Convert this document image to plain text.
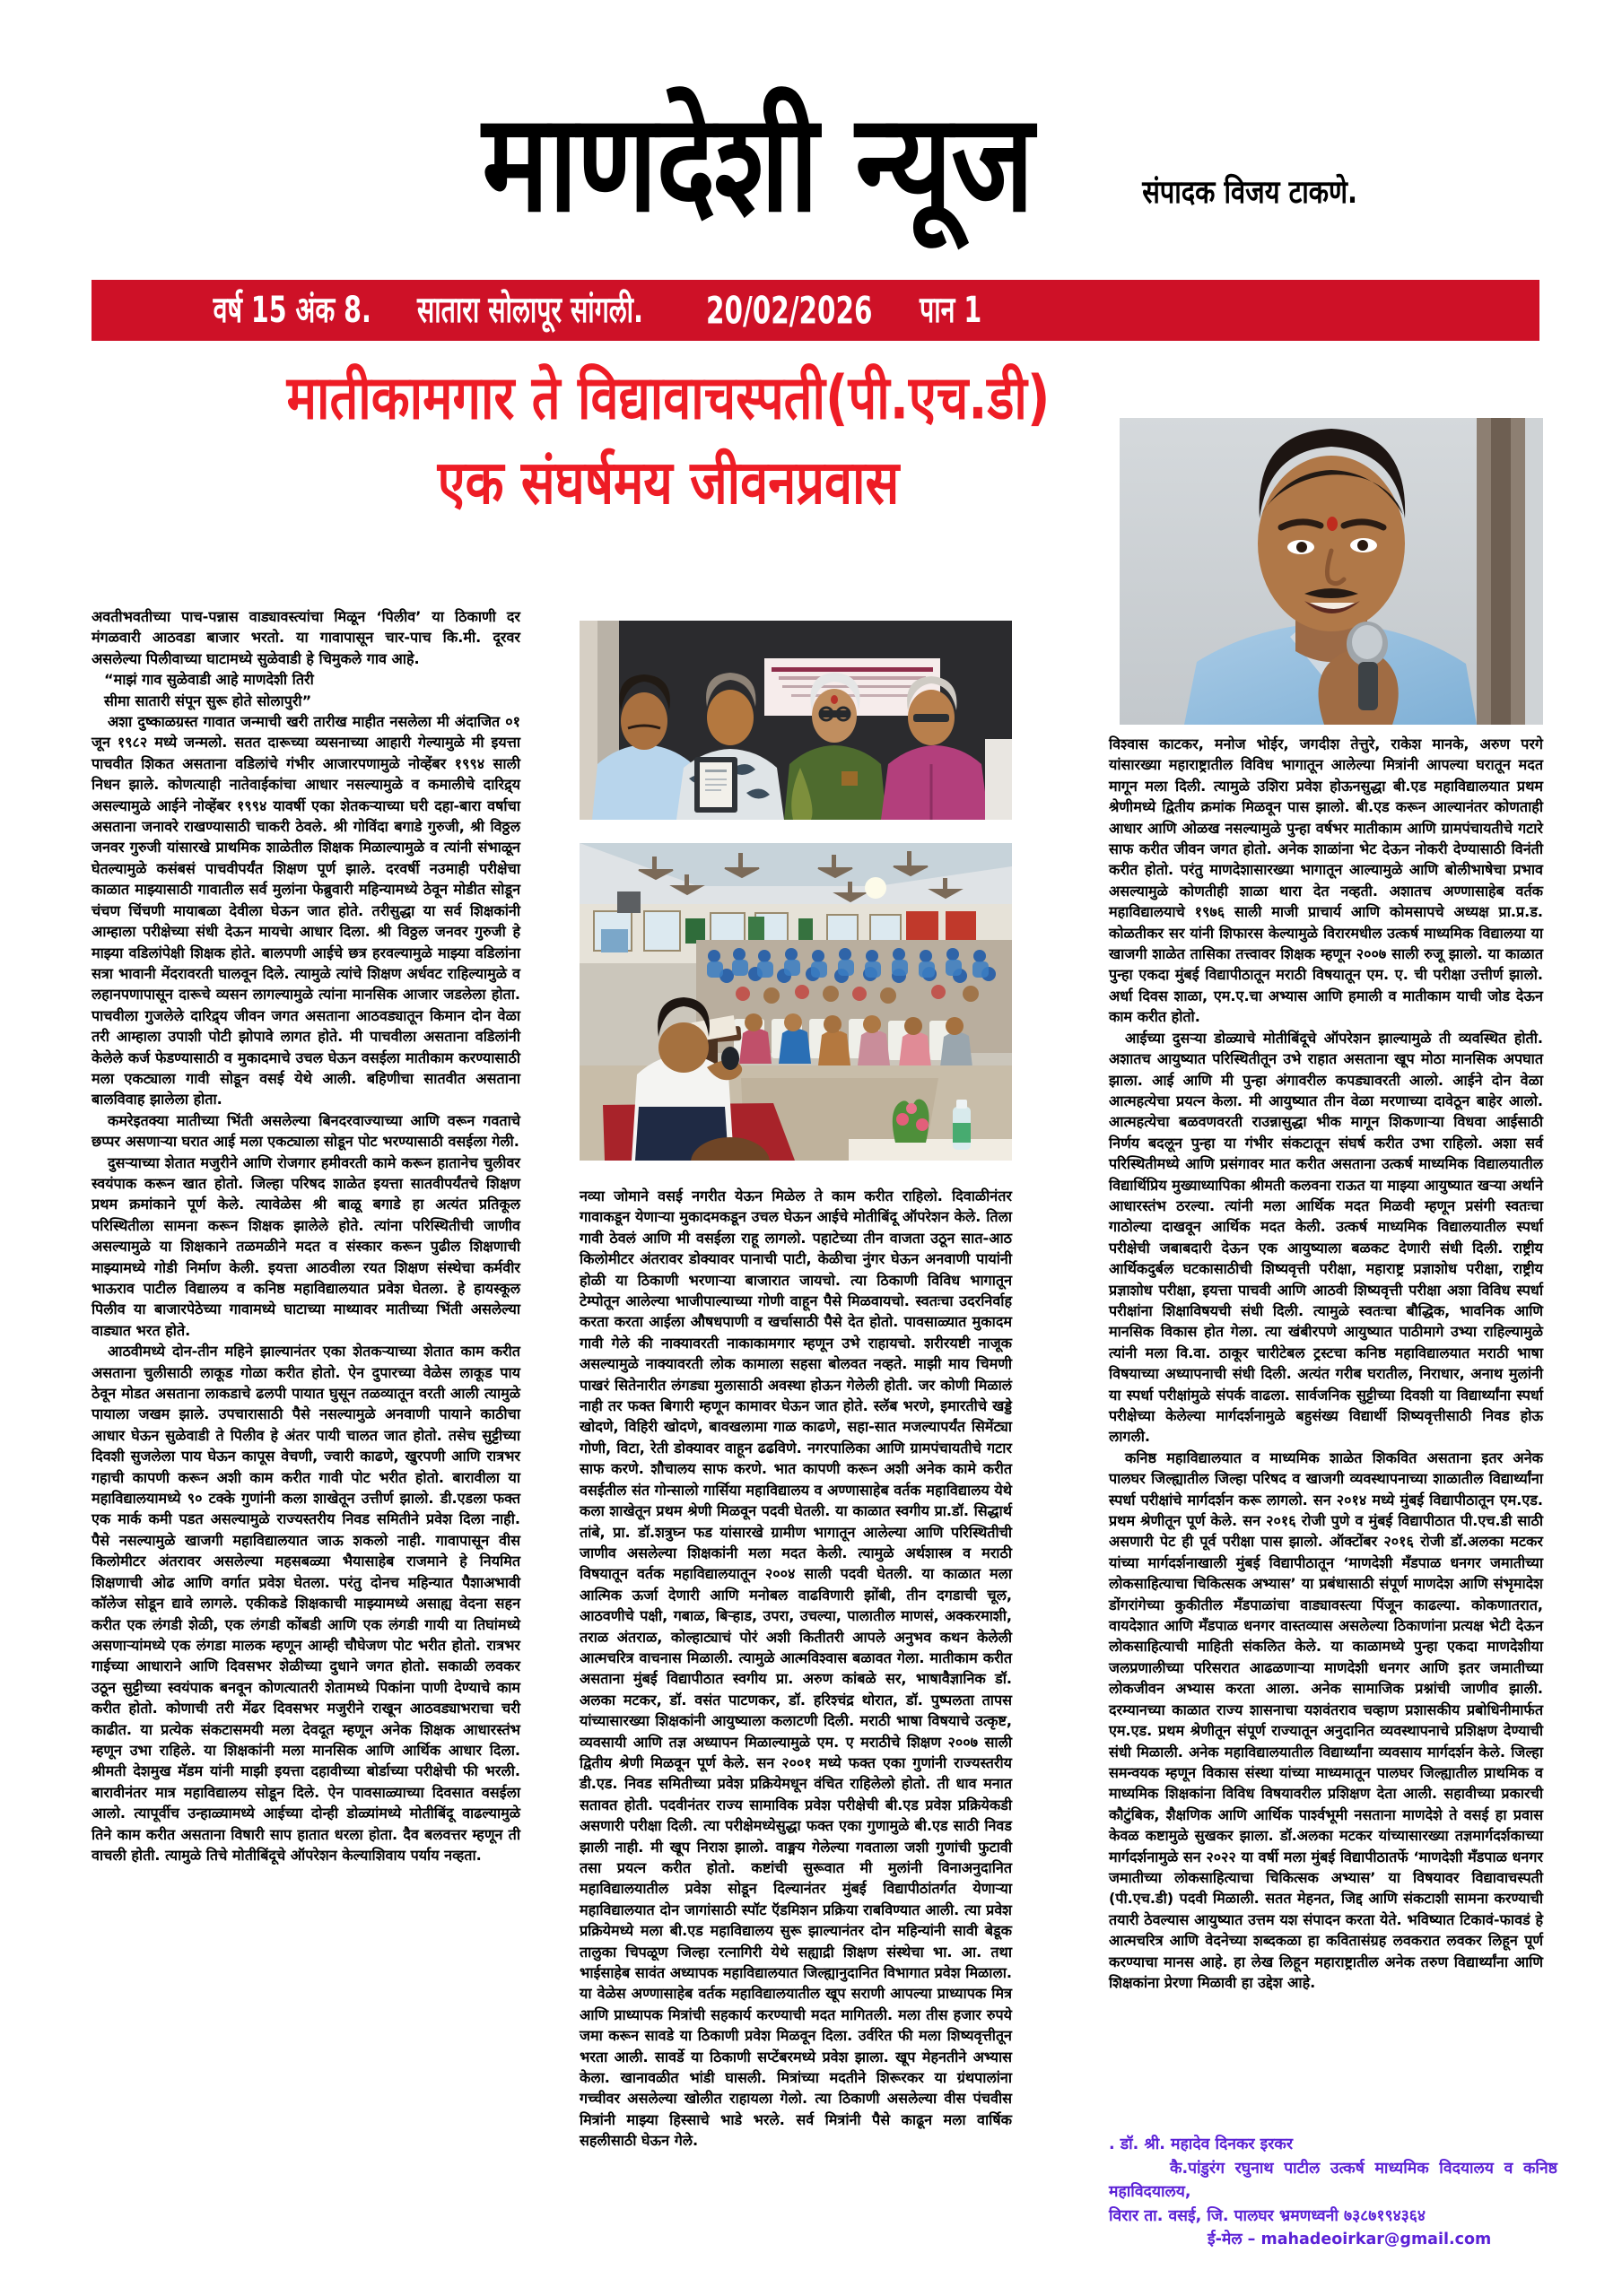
माणदेशी न्यूज	संपादक विजय टाकणे.
वर्ष 15 अंक 8. सातारा सोलापूर सांगली. 20/02/2026 पान 1
मातीकामगार ते विद्यावाचस्पती(पी.एच.डी)
एक संघर्षमय जीवनप्रवास

अवतीभवतीच्या पाच-पन्नास वाड्यावस्त्यांचा मिळून ‘पिलीव’ या ठिकाणी दर मंगळवारी आठवडा बाजार भरतो. या गावापासून चार-पाच कि.मी. दूरवर असलेल्या पिलीवाच्या घाटामध्ये सुळेवाडी हे चिमुकले गाव आहे.

“माझं गाव सुळेवाडी आहे माणदेशी तिरी

सीमा सातारी संपून सुरू होते सोलापुरी”

अशा दुष्काळग्रस्त गावात जन्माची खरी तारीख माहीत नसलेला मी अंदाजित ०१ जून १९८२ मध्ये जन्मलो. सतत दारूच्या व्यसनाच्या आहारी गेल्यामुळे मी इयत्ता पाचवीत शिकत असताना वडिलांचे गंभीर आजारपणामुळे नोव्हेंबर १९९४ साली निधन झाले. कोणत्याही नातेवाईकांचा आधार नसल्यामुळे व कमालीचे दारिद्र्य असल्यामुळे आईने नोव्हेंबर १९९४ यावर्षी एका शेतकऱ्याच्या घरी दहा-बारा वर्षाचा असताना जनावरे राखण्यासाठी चाकरी ठेवले. श्री गोविंदा बगाडे गुरुजी, श्री विठ्ठल जनवर गुरुजी यांसारखे प्राथमिक शाळेतील शिक्षक मिळाल्यामुळे व त्यांनी संभाळून घेतल्यामुळे कसंबसं पाचवीपर्यंत शिक्षण पूर्ण झाले. दरवर्षी नउमाही परीक्षेचा काळात माझ्यासाठी गावातील सर्व मुलांना फेब्रुवारी महिन्यामध्ये ठेवून मोडीत सोडून चंचण चिंचणी मायाबळा देवीला घेऊन जात होते. तरीसुद्धा या सर्व शिक्षकांनी आम्हाला परीक्षेच्या संधी देऊन मायचेा आधार दिला. श्री विठ्ठल जनवर गुरुजी हे माझ्या वडिलांपेक्षी शिक्षक होते. बालपणी आईचे छत्र हरवल्यामुळे माझ्या वडिलांना सत्रा भावानी मेंदरावरती घालवून दिले. त्यामुळे त्यांचे शिक्षण अर्धवट राहिल्यामुळे व लहानपणापासून दारूचे व्यसन लागल्यामुळे त्यांना मानसिक आजार जडलेला होता. पाचवीला गुजलेले दारिद्र्य जीवन जगत असताना आठवड्यातून किमान दोन वेळा तरी आम्हाला उपाशी पोटी झोपावे लागत होते. मी पाचवीला असताना वडिलांनी केलेले कर्ज फेडण्यासाठी व मुकादमाचे उचल घेऊन वसईला मातीकाम करण्यासाठी मला एकट्याला गावी सोडून वसई येथे आली. बहिणीचा सातवीत असताना बालविवाह झालेला होता.

कमरेइतक्या मातीच्या भिंती असलेल्या बिनदरवाज्याच्या आणि वरून गवताचे छप्पर असणाऱ्या घरात आई मला एकट्याला सोडून पोट भरण्यासाठी वसईला गेली.

दुसऱ्याच्या शेतात मजुरीने आणि रोजगार हमीवरती कामे करून हातानेच चुलीवर स्वयंपाक करून खात होतो. जिल्हा परिषद शाळेत इयत्ता सातवीपर्यंतचे शिक्षण प्रथम क्रमांकाने पूर्ण केले. त्यावेळेस श्री बाळू बगाडे हा अत्यंत प्रतिकूल परिस्थितीला सामना करून शिक्षक झालेले होते. त्यांना परिस्थितीची जाणीव असल्यामुळे या शिक्षकाने तळमळीने मदत व संस्कार करून पुढील शिक्षणाची माझ्यामध्ये गोडी निर्माण केली. इयत्ता आठवीला रयत शिक्षण संस्थेचा कर्मवीर भाऊराव पाटील विद्यालय व कनिष्ठ महाविद्यालयात प्रवेश घेतला. हे हायस्कूल पिलीव या बाजारपेठेच्या गावामध्ये घाटाच्या माथ्यावर मातीच्या भिंती असलेल्या वाड्यात भरत होते.

आठवीमध्ये दोन-तीन महिने झाल्यानंतर एका शेतकऱ्याच्या शेतात काम करीत असताना चुलीसाठी लाकूड गोळा करीत होतो. ऐन दुपारच्या वेळेस लाकूड पाय ठेवून मोडत असताना लाकडाचे ढलपी पायात घुसून तळव्यातून वरती आली त्यामुळे पायाला जखम झाले. उपचारासाठी पैसे नसल्यामुळे अनवाणी पायाने काठीचा आधार घेऊन सुळेवाडी ते पिलीव हे अंतर पायी चालत जात होतो. तसेच सुट्टीच्या दिवशी सुजलेला पाय घेऊन कापूस वेचणी, ज्वारी काढणे, खुरपणी आणि रात्रभर गहाची कापणी करून अशी काम करीत गावी पोट भरीत होतो. बारावीला या महाविद्यालयामध्ये ९० टक्के गुणांनी कला शाखेतून उत्तीर्ण झालो. डी.एडला फक्त एक मार्क कमी पडत असल्यामुळे राज्यस्तरीय निवड समितीने प्रवेश दिला नाही. पैसे नसल्यामुळे खाजगी महाविद्यालयात जाऊ शकलो नाही. गावापासून वीस किलोमीटर अंतरावर असलेल्या महसबळ्या भैयासाहेब राजमाने हे नियमित शिक्षणाची ओढ आणि वर्गात प्रवेश घेतला. परंतु दोनच महिन्यात पैशाअभावी कॉलेज सोडून द्यावे लागले. एकीकडे शिक्षकाची माझ्यामध्ये असाह्य वेदना सहन करीत एक लंगडी शेळी, एक लंगडी कोंबडी आणि एक लंगडी गायी या तिघांमध्ये असणाऱ्यांमध्ये एक लंगडा मालक म्हणून आम्ही चौघेजण पोट भरीत होतो. रात्रभर गाईच्या आधाराने आणि दिवसभर शेळीच्या दुधाने जगत होतो. सकाळी लवकर उठून सुट्टीच्या स्वयंपाक बनवून कोणत्यातरी शेतामध्ये पिकांना पाणी देण्याचे काम करीत होतो. कोणाची तरी मेंढर दिवसभर मजुरीने राखून आठवड्याभराचा चरी काढीत. या प्रत्येक संकटासमयी मला देवदूत म्हणून अनेक शिक्षक आधारस्तंभ म्हणून उभा राहिले. या शिक्षकांनी मला मानसिक आणि आर्थिक आधार दिला. श्रीमती देशमुख मॅडम यांनी माझी इयत्ता दहावीच्या बोर्डाच्या परीक्षेची फी भरली. बारावीनंतर मात्र महाविद्यालय सोडून दिले. ऐन पावसाळ्याच्या दिवसात वसईला आलो. त्यापूर्वीच उन्हाळ्यामध्ये आईच्या दोन्ही डोळ्यांमध्ये मोतीबिंदू वाढल्यामुळे तिने काम करीत असताना विषारी साप हातात धरला होता. दैव बलवत्तर म्हणून ती वाचली होती. त्यामुळे तिचे मोतीबिंदूचे ऑपरेशन केल्याशिवाय पर्याय नव्हता.

नव्या जोमाने वसई नगरीत येऊन मिळेल ते काम करीत राहिलो. दिवाळीनंतर गावाकडून येणाऱ्या मुकादमकडून उचल घेऊन आईचे मोतीबिंदू ऑपरेशन केले. तिला गावी ठेवलं आणि मी वसईला राहू लागलो. पहाटेच्या तीन वाजता उठून सात-आठ किलोमीटर अंतरावर डोक्यावर पानाची पाटी, केळीचा नुंगर घेऊन अनवाणी पायांनी होळी या ठिकाणी भरणाऱ्या बाजारात जायचो. त्या ठिकाणी विविध भागातून टेम्पोतून आलेल्या भाजीपाल्याच्या गोणी वाहून पैसे मिळवायचो. स्वतःचा उदरनिर्वाह करता करता आईला औषधपाणी व खर्चासाठी पैसे देत होतो. पावसाळ्यात मुकादम गावी गेले की नाक्यावरती नाकाकामगार म्हणून उभे राहायचो. शरीरयष्टी नाजूक असल्यामुळे नाक्यावरती लोक कामाला सहसा बोलवत नव्हते. माझी माय चिमणी पाखरं सितेनारीत लंगड्या मुलासाठी अवस्था होऊन गेलेली होती. जर कोणी मिळालं नाही तर फक्त बिगारी म्हणून कामावर घेऊन जात होते. स्लॅब भरणे, इमारतीचे खड्डे खोदणे, विहिरी खोदणे, बावखलामा गाळ काढणे, सहा-सात मजल्यापर्यंत सिमेंट्या गोणी, विटा, रेती डोक्यावर वाहून ढढविणे. नगरपालिका आणि ग्रामपंचायतीचे गटार साफ करणे. शौचालय साफ करणे. भात कापणी करून अशी अनेक कामे करीत वसईतील संत गोन्सालो गार्सिया महाविद्यालय व अण्णासाहेब वर्तक महाविद्यालय येथे कला शाखेतून प्रथम श्रेणी मिळवून पदवी घेतली. या काळात स्वगीय प्रा.डॉ. सिद्धार्थ तांबे, प्रा. डॉ.शत्रुघ्न फड यांसारखे ग्रामीण भागातून आलेल्या आणि परिस्थितीची जाणीव असलेल्या शिक्षकांनी मला मदत केली. त्यामुळे अर्थशास्त्र व मराठी विषयातून वर्तक महाविद्यालयातून २००४ साली पदवी घेतली. या काळात मला आत्मिक ऊर्जा देणारी आणि मनोबल वाढविणारी झोंबी, तीन दगडाची चूल, आठवणीचे पक्षी, गबाळ, बिऱ्हाड, उपरा, उचल्या, पालातील माणसं, अक्करमाशी, तराळ अंतराळ, कोल्हाट्याचं पोरं अशी कितीतरी आपले अनुभव कथन केलेली आत्मचरित्र वाचनास मिळाली. त्यामुळे आत्मविश्वास बळावत गेला. मातीकाम करीत असताना मुंबई विद्यापीठात स्वगीय प्रा. अरुण कांबळे सर, भाषावैज्ञानिक डॉ. अलका मटकर, डॉ. वसंत पाटणकर, डॉ. हरिश्चंद्र थोरात, डॉ. पुष्पलता तापस यांच्यासारख्या शिक्षकांनी आयुष्याला कलाटणी दिली. मराठी भाषा विषयाचे उत्कृष्ट, व्यवसायी आणि तज्ञ अध्यापन मिळाल्यामुळे एम. ए मराठीचे शिक्षण २००७ साली द्वितीय श्रेणी मिळवून पूर्ण केले. सन २००१ मध्ये फक्त एका गुणांनी राज्यस्तरीय डी.एड. निवड समितीच्या प्रवेश प्रक्रियेमधून वंचित राहिलेलो होतो. ती धाव मनात सतावत होती. पदवीनंतर राज्य सामाविक प्रवेश परीक्षेची बी.एड प्रवेश प्रक्रियेकडी असणारी परीक्षा दिली. त्या परीक्षेमध्येसुद्धा फक्त एका गुणामुळे बी.एड साठी निवड झाली नाही. मी खूप निराश झालो. वाङ्मय गेलेल्या गवताला जशी गुणांची फुटावी तसा प्रयत्न करीत होतो. कष्टांची सुरूवात मी मुलांनी विनाअनुदानित महाविद्यालयातील प्रवेश सोडून दिल्यानंतर मुंबई विद्यापीठांतर्गत येणाऱ्या महाविद्यालयात दोन जागांसाठी स्पॉट ऍडमिशन प्रक्रिया राबविण्यात आली. त्या प्रवेश प्रक्रियेमध्ये मला बी.एड महाविद्यालय सुरू झाल्यानंतर दोन महिन्यांनी सावी बेडूक तालुका चिपळूण जिल्हा रत्नागिरी येथे सह्याद्री शिक्षण संस्थेचा भा. आ. तथा भाईसाहेब सावंत अध्यापक महाविद्यालयात जिल्ह्यानुदानित विभागात प्रवेश मिळाला. या वेळेस अण्णासाहेब वर्तक महाविद्यालयातील खूप सराणी आपल्या प्राध्यापक मित्र आणि प्राध्यापक मित्रांची सहकार्य करण्याची मदत मागितली. मला तीस हजार रुपये जमा करून सावडे या ठिकाणी प्रवेश मिळवून दिला. उर्वरित फी मला शिष्यवृत्तीतून भरता आली. सावर्डे या ठिकाणी सप्टेंबरमध्ये प्रवेश झाला. खूप मेहनतीने अभ्यास केला. खानावळीत भांडी घासली. मित्रांच्या मदतीने शिरूरकर या ग्रंथपालांना गच्चीवर असलेल्या खोलीत राहायला गेलो. त्या ठिकाणी असलेल्या वीस पंचवीस मित्रांनी माझ्या हिस्साचे भाडे भरले. सर्व मित्रांनी पैसे काढून मला वार्षिक सहलीसाठी घेऊन गेले.

विश्वास काटकर, मनोज भोईर, जगदीश तेत्तुरे, राकेश मानके, अरुण परगे यांसारख्या महाराष्ट्रातील विविध भागातून आलेल्या मित्रांनी आपल्या घरातून मदत मागून मला दिली. त्यामुळे उशिरा प्रवेश होऊनसुद्धा बी.एड महाविद्यालयात प्रथम श्रेणीमध्ये द्वितीय क्रमांक मिळवून पास झालो. बी.एड करून आल्यानंतर कोणताही आधार आणि ओळख नसल्यामुळे पुन्हा वर्षभर मातीकाम आणि ग्रामपंचायतीचे गटारे साफ करीत जीवन जगत होतो. अनेक शाळांना भेट देऊन नोकरी देण्यासाठी विनंती करीत होतो. परंतु माणदेशासारख्या भागातून आल्यामुळे आणि बोलीभाषेचा प्रभाव असल्यामुळे कोणतीही शाळा थारा देत नव्हती. अशातच अण्णासाहेब वर्तक महाविद्यालयाचे १९७६ साली माजी प्राचार्य आणि कोमसापचे अध्यक्ष प्रा.प्र.ड. कोळतीकर सर यांनी शिफारस केल्यामुळे विरारमधील उत्कर्ष माध्यमिक विद्यालया या खाजगी शाळेत तासिका तत्त्वावर शिक्षक म्हणून २००७ साली रुजू झालो. या काळात पुन्हा एकदा मुंबई विद्यापीठातून मराठी विषयातून एम. ए. ची परीक्षा उत्तीर्ण झालो. अर्धा दिवस शाळा, एम.ए.चा अभ्यास आणि हमाली व मातीकाम याची जोड देऊन काम करीत होतो.

आईच्या दुसऱ्या डोळ्याचे मोतीबिंदूचे ऑपरेशन झाल्यामुळे ती व्यवस्थित होती. अशातच आयुष्यात परिस्थितीतून उभे राहात असताना खूप मोठा मानसिक अपघात झाला. आई आणि मी पुन्हा अंगावरील कपड्यावरती आलो. आईने दोन वेळा आत्महत्येचा प्रयत्न केला. मी आयुष्यात तीन वेळा मरणाच्या दावेठून बाहेर आलो. आत्महत्येचा बळवणवरती राउन्नासुद्धा भीक मागून शिकणाऱ्या विधवा आईसाठी निर्णय बदलून पुन्हा या गंभीर संकटातून संघर्ष करीत उभा राहिलो. अशा सर्व परिस्थितीमध्ये आणि प्रसंगावर मात करीत असताना उत्कर्ष माध्यमिक विद्यालयातील विद्यार्थिप्रिय मुख्याध्यापिका श्रीमती कलवना राऊत या माझ्या आयुष्यात खऱ्या अर्थाने आधारस्तंभ ठरल्या. त्यांनी मला आर्थिक मदत मिळवी म्हणून प्रसंगी स्वतःचा गाठोल्या दाखवून आर्थिक मदत केली. उत्कर्ष माध्यमिक विद्यालयातील स्पर्धा परीक्षेची जबाबदारी देऊन एक आयुष्याला बळकट देणारी संधी दिली. राष्ट्रीय आर्थिकदुर्बल घटकासाठीची शिष्यवृत्ती परीक्षा, महाराष्ट्र प्रज्ञाशोध परीक्षा, राष्ट्रीय प्रज्ञाशोध परीक्षा, इयत्ता पाचवी आणि आठवी शिष्यवृत्ती परीक्षा अशा विविध स्पर्धा परीक्षांना शिक्षाविषयची संधी दिली. त्यामुळे स्वतःचा बौद्धिक, भावनिक आणि मानसिक विकास होत गेला. त्या खंबीरपणे आयुष्यात पाठीमागे उभ्या राहिल्यामुळे त्यांनी मला वि.वा. ठाकूर चारीटेबल ट्रस्टचा कनिष्ठ महाविद्यालयात मराठी भाषा विषयाच्या अध्यापनाची संधी दिली. अत्यंत गरीब घरातील, निराधार, अनाथ मुलांनी या स्पर्धा परीक्षांमुळे संपर्क वाढला. सार्वजनिक सुट्टीच्या दिवशी या विद्यार्थ्यांना स्पर्धा परीक्षेच्या केलेल्या मार्गदर्शनामुळे बहुसंख्य विद्यार्थी शिष्यवृत्तीसाठी निवड होऊ लागली.

कनिष्ठ महाविद्यालयात व माध्यमिक शाळेत शिकवित असताना इतर अनेक पालघर जिल्ह्यातील जिल्हा परिषद व खाजगी व्यवस्थापनाच्या शाळातील विद्यार्थ्यांना स्पर्धा परीक्षांचे मार्गदर्शन करू लागलो. सन २०१४ मध्ये मुंबई विद्यापीठातून एम.एड. प्रथम श्रेणीतून पूर्ण केले. सन २०१६ रोजी पुणे व मुंबई विद्यापीठात पी.एच.डी साठी असणारी पेट ही पूर्व परीक्षा पास झालो. ऑक्टोंबर २०१६ रोजी डॉ.अलका मटकर यांच्या मार्गदर्शनाखाली मुंबई विद्यापीठातून ‘माणदेशी मॅंडपाळ धनगर जमातीच्या लोकसाहित्याचा चिकित्सक अभ्यास’ या प्रबंधासाठी संपूर्ण माणदेश आणि संभृमादेश डोंगरांगेच्या कुकीतील मॅंडपाळांचा वाड्यावस्त्या पिंजून काढल्या. कोकणातरात, वायदेशात आणि मॅंडपाळ धनगर वास्तव्यास असलेल्या ठिकाणांना प्रत्यक्ष भेटी देऊन लोकसाहित्याची माहिती संकलित केले. या काळामध्ये पुन्हा एकदा माणदेशीया जलप्रणालीच्या परिसरात आढळणाऱ्या माणदेशी धनगर आणि इतर जमातीच्या लोकजीवन अभ्यास करता आला. अनेक सामाजिक प्रश्नांची जाणीव झाली. दरम्यानच्या काळात राज्य शासनाचा यशवंतराव चव्हाण प्रशासकीय प्रबोधिनीमार्फत एम.एड. प्रथम श्रेणीतून संपूर्ण राज्यातून अनुदानित व्यवस्थापनाचे प्रशिक्षण देण्याची संधी मिळाली. अनेक महाविद्यालयातील विद्यार्थ्यांना व्यवसाय मार्गदर्शन केले. जिल्हा समन्वयक म्हणून विकास संस्था यांच्या माध्यमातून पालघर जिल्ह्यातील प्राथमिक व माध्यमिक शिक्षकांना विविध विषयावरील प्रशिक्षण देता आली. सहावीच्या प्रकारची कौटुंबिक, शैक्षणिक आणि आर्थिक पार्श्वभूमी नसताना माणदेशे ते वसई हा प्रवास केवळ कष्टामुळे सुखकर झाला. डॉ.अलका मटकर यांच्यासारख्या तज्ञमार्गदर्शकाच्या मार्गदर्शनामुळे सन २०२२ या वर्षी मला मुंबई विद्यापीठातर्फे ‘माणदेशी मॅंडपाळ धनगर जमातीच्या लोकसाहित्याचा चिकित्सक अभ्यास’ या विषयावर विद्यावाचस्पती (पी.एच.डी) पदवी मिळाली. सतत मेहनत, जिद्द आणि संकटाशी सामना करण्याची तयारी ठेवल्यास आयुष्यात उत्तम यश संपादन करता येते. भविष्यात टिकावं-फावडं हे आत्मचरित्र आणि वेदनेच्या शब्दकळा हा कवितासंग्रह लवकरात लवकर लिहून पूर्ण करण्याचा मानस आहे. हा लेख लिहून महाराष्ट्रातील अनेक तरुण विद्यार्थ्यांना आणि शिक्षकांना प्रेरणा मिळावी हा उद्देश आहे.

. डॉ. श्री. महादेव दिनकर इरकर
कै.पांडुरंग रघुनाथ पाटील उत्कर्ष माध्यमिक विदयालय व कनिष्ठ महाविदयालय,
विरार ता. वसई, जि. पालघर भ्रमणध्वनी ७३८७१९४३६४
ई-मेल – mahadeoirkar@gmail.com
